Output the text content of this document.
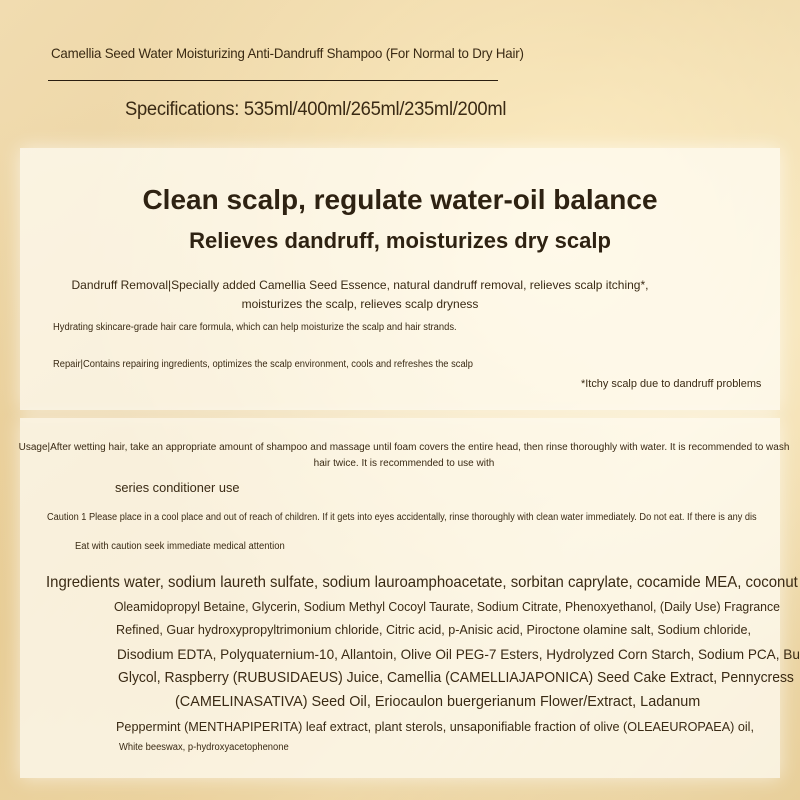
Camellia Seed Water Moisturizing Anti-Dandruff Shampoo (For Normal to Dry Hair)
Specifications: 535ml/400ml/265ml/235ml/200ml
Clean scalp, regulate water-oil balance
Relieves dandruff, moisturizes dry scalp
Dandruff Removal|Specially added Camellia Seed Essence, natural dandruff removal, relieves scalp itching*, moisturizes the scalp, relieves scalp dryness
Hydrating skincare-grade hair care formula, which can help moisturize the scalp and hair strands.
Repair|Contains repairing ingredients, optimizes the scalp environment, cools and refreshes the scalp
*Itchy scalp due to dandruff problems
Usage|After wetting hair, take an appropriate amount of shampoo and massage until foam covers the entire head, then rinse thoroughly with water. It is recommended to wash hair twice. It is recommended to use with
series conditioner use
Caution 1 Please place in a cool place and out of reach of children. If it gets into eyes accidentally, rinse thoroughly with clean water immediately. Do not eat. If there is any dis
Eat with caution seek immediate medical attention
Ingredients water, sodium laureth sulfate, sodium lauroamphoacetate, sorbitan caprylate, cocamide MEA, coconut
Oleamidopropyl Betaine, Glycerin, Sodium Methyl Cocoyl Taurate, Sodium Citrate, Phenoxyethanol, (Daily Use) Fragrance
Refined, Guar hydroxypropyltrimonium chloride, Citric acid, p-Anisic acid, Piroctone olamine salt, Sodium chloride,
Disodium EDTA, Polyquaternium-10, Allantoin, Olive Oil PEG-7 Esters, Hydrolyzed Corn Starch, Sodium PCA, Bu
Glycol, Raspberry (RUBUSIDAEUS) Juice, Camellia (CAMELLIAJAPONICA) Seed Cake Extract, Pennycress
(CAMELINASATIVA) Seed Oil, Eriocaulon buergerianum Flower/Extract, Ladanum
Peppermint (MENTHAPIPERITA) leaf extract, plant sterols, unsaponifiable fraction of olive (OLEAEUROPAEA) oil,
White beeswax, p-hydroxyacetophenone
